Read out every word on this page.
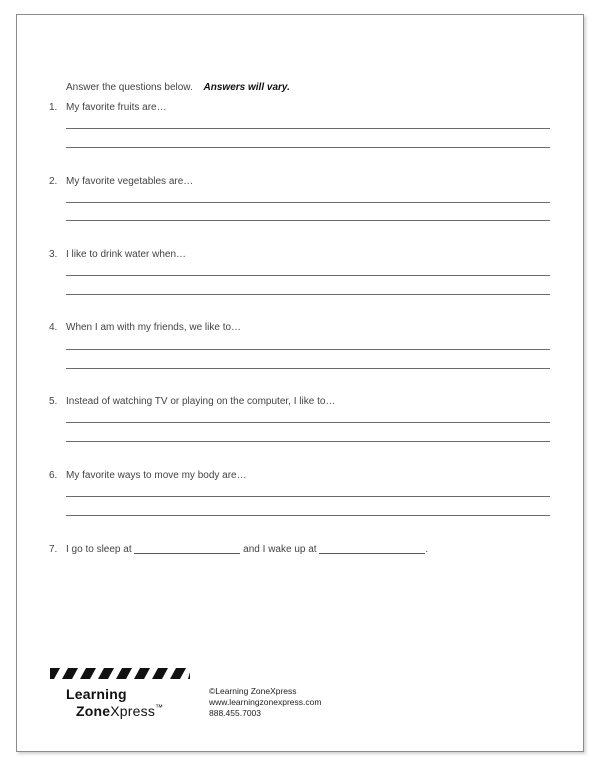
Answer the questions below. Answers will vary.
1. My favorite fruits are…
2. My favorite vegetables are…
3. I like to drink water when…
4. When I am with my friends, we like to…
5. Instead of watching TV or playing on the computer, I like to…
6. My favorite ways to move my body are…
7. I go to sleep at	and I wake up at	.
Learning
ZoneXpress™
©Learning ZoneXpress
www.learningzonexpress.com
888.455.7003
